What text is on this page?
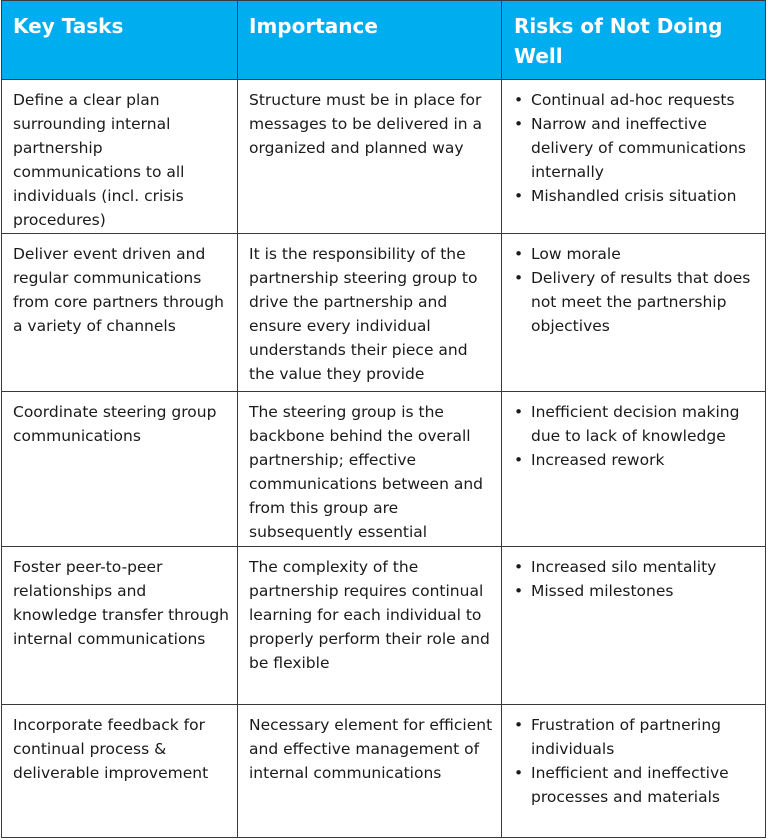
Key Tasks	Importance	Risks of Not Doing Well
Define a clear plan surrounding internal partnership communications to all individuals (incl. crisis procedures)
Structure must be in place for messages to be delivered in a organized and planned way
• Continual ad-hoc requests
• Narrow and ineffective delivery of communications internally
• Mishandled crisis situation
Deliver event driven and regular communications from core partners through a variety of channels
It is the responsibility of the partnership steering group to drive the partnership and ensure every individual understands their piece and the value they provide
• Low morale
• Delivery of results that does not meet the partnership objectives
Coordinate steering group communications
The steering group is the backbone behind the overall partnership; effective communications between and from this group are subsequently essential
• Inefficient decision making due to lack of knowledge
• Increased rework
Foster peer-to-peer relationships and knowledge transfer through internal communications
The complexity of the partnership requires continual learning for each individual to properly perform their role and be flexible
• Increased silo mentality
• Missed milestones
Incorporate feedback for continual process & deliverable improvement
Necessary element for efficient and effective management of internal communications
• Frustration of partnering individuals
• Inefficient and ineffective processes and materials
